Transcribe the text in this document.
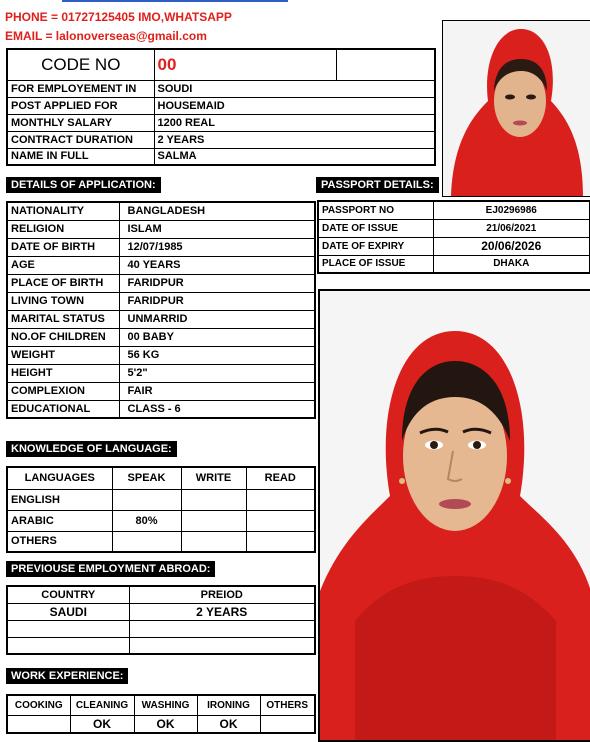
PHONE = 01727125405 IMO,WHATSAPP
EMAIL = lalonoverseas@gmail.com
CODE NO	00	
FOR EMPLOYEMENT IN	SOUDI	
POST APPLIED FOR	HOUSEMAID	
MONTHLY SALARY	1200 REAL	
CONTRACT DURATION	2 YEARS	
NAME IN FULL	SALMA	
DETAILS OF APPLICATION:
NATIONALITY	BANGLADESH
RELIGION	ISLAM
DATE OF BIRTH	12/07/1985
AGE	40 YEARS
PLACE OF BIRTH	FARIDPUR
LIVING TOWN	FARIDPUR
MARITAL STATUS	UNMARRID
NO.OF CHILDREN	00 BABY
WEIGHT	56 KG
HEIGHT	5'2"
COMPLEXION	FAIR
EDUCATIONAL	CLASS - 6
PASSPORT DETAILS:
PASSPORT NO	EJ0296986
DATE OF ISSUE	21/06/2021
DATE OF EXPIRY	20/06/2026
PLACE OF ISSUE	DHAKA
KNOWLEDGE OF LANGUAGE:
LANGUAGES	SPEAK	WRITE	READ
ENGLISH			
ARABIC	80%		
OTHERS			
PREVIOUSE EMPLOYMENT ABROAD:
COUNTRY	PREIOD
SAUDI	2 YEARS

WORK EXPERIENCE:
COOKING	CLEANING	WASHING	IRONING	OTHERS
	OK	OK	OK	
